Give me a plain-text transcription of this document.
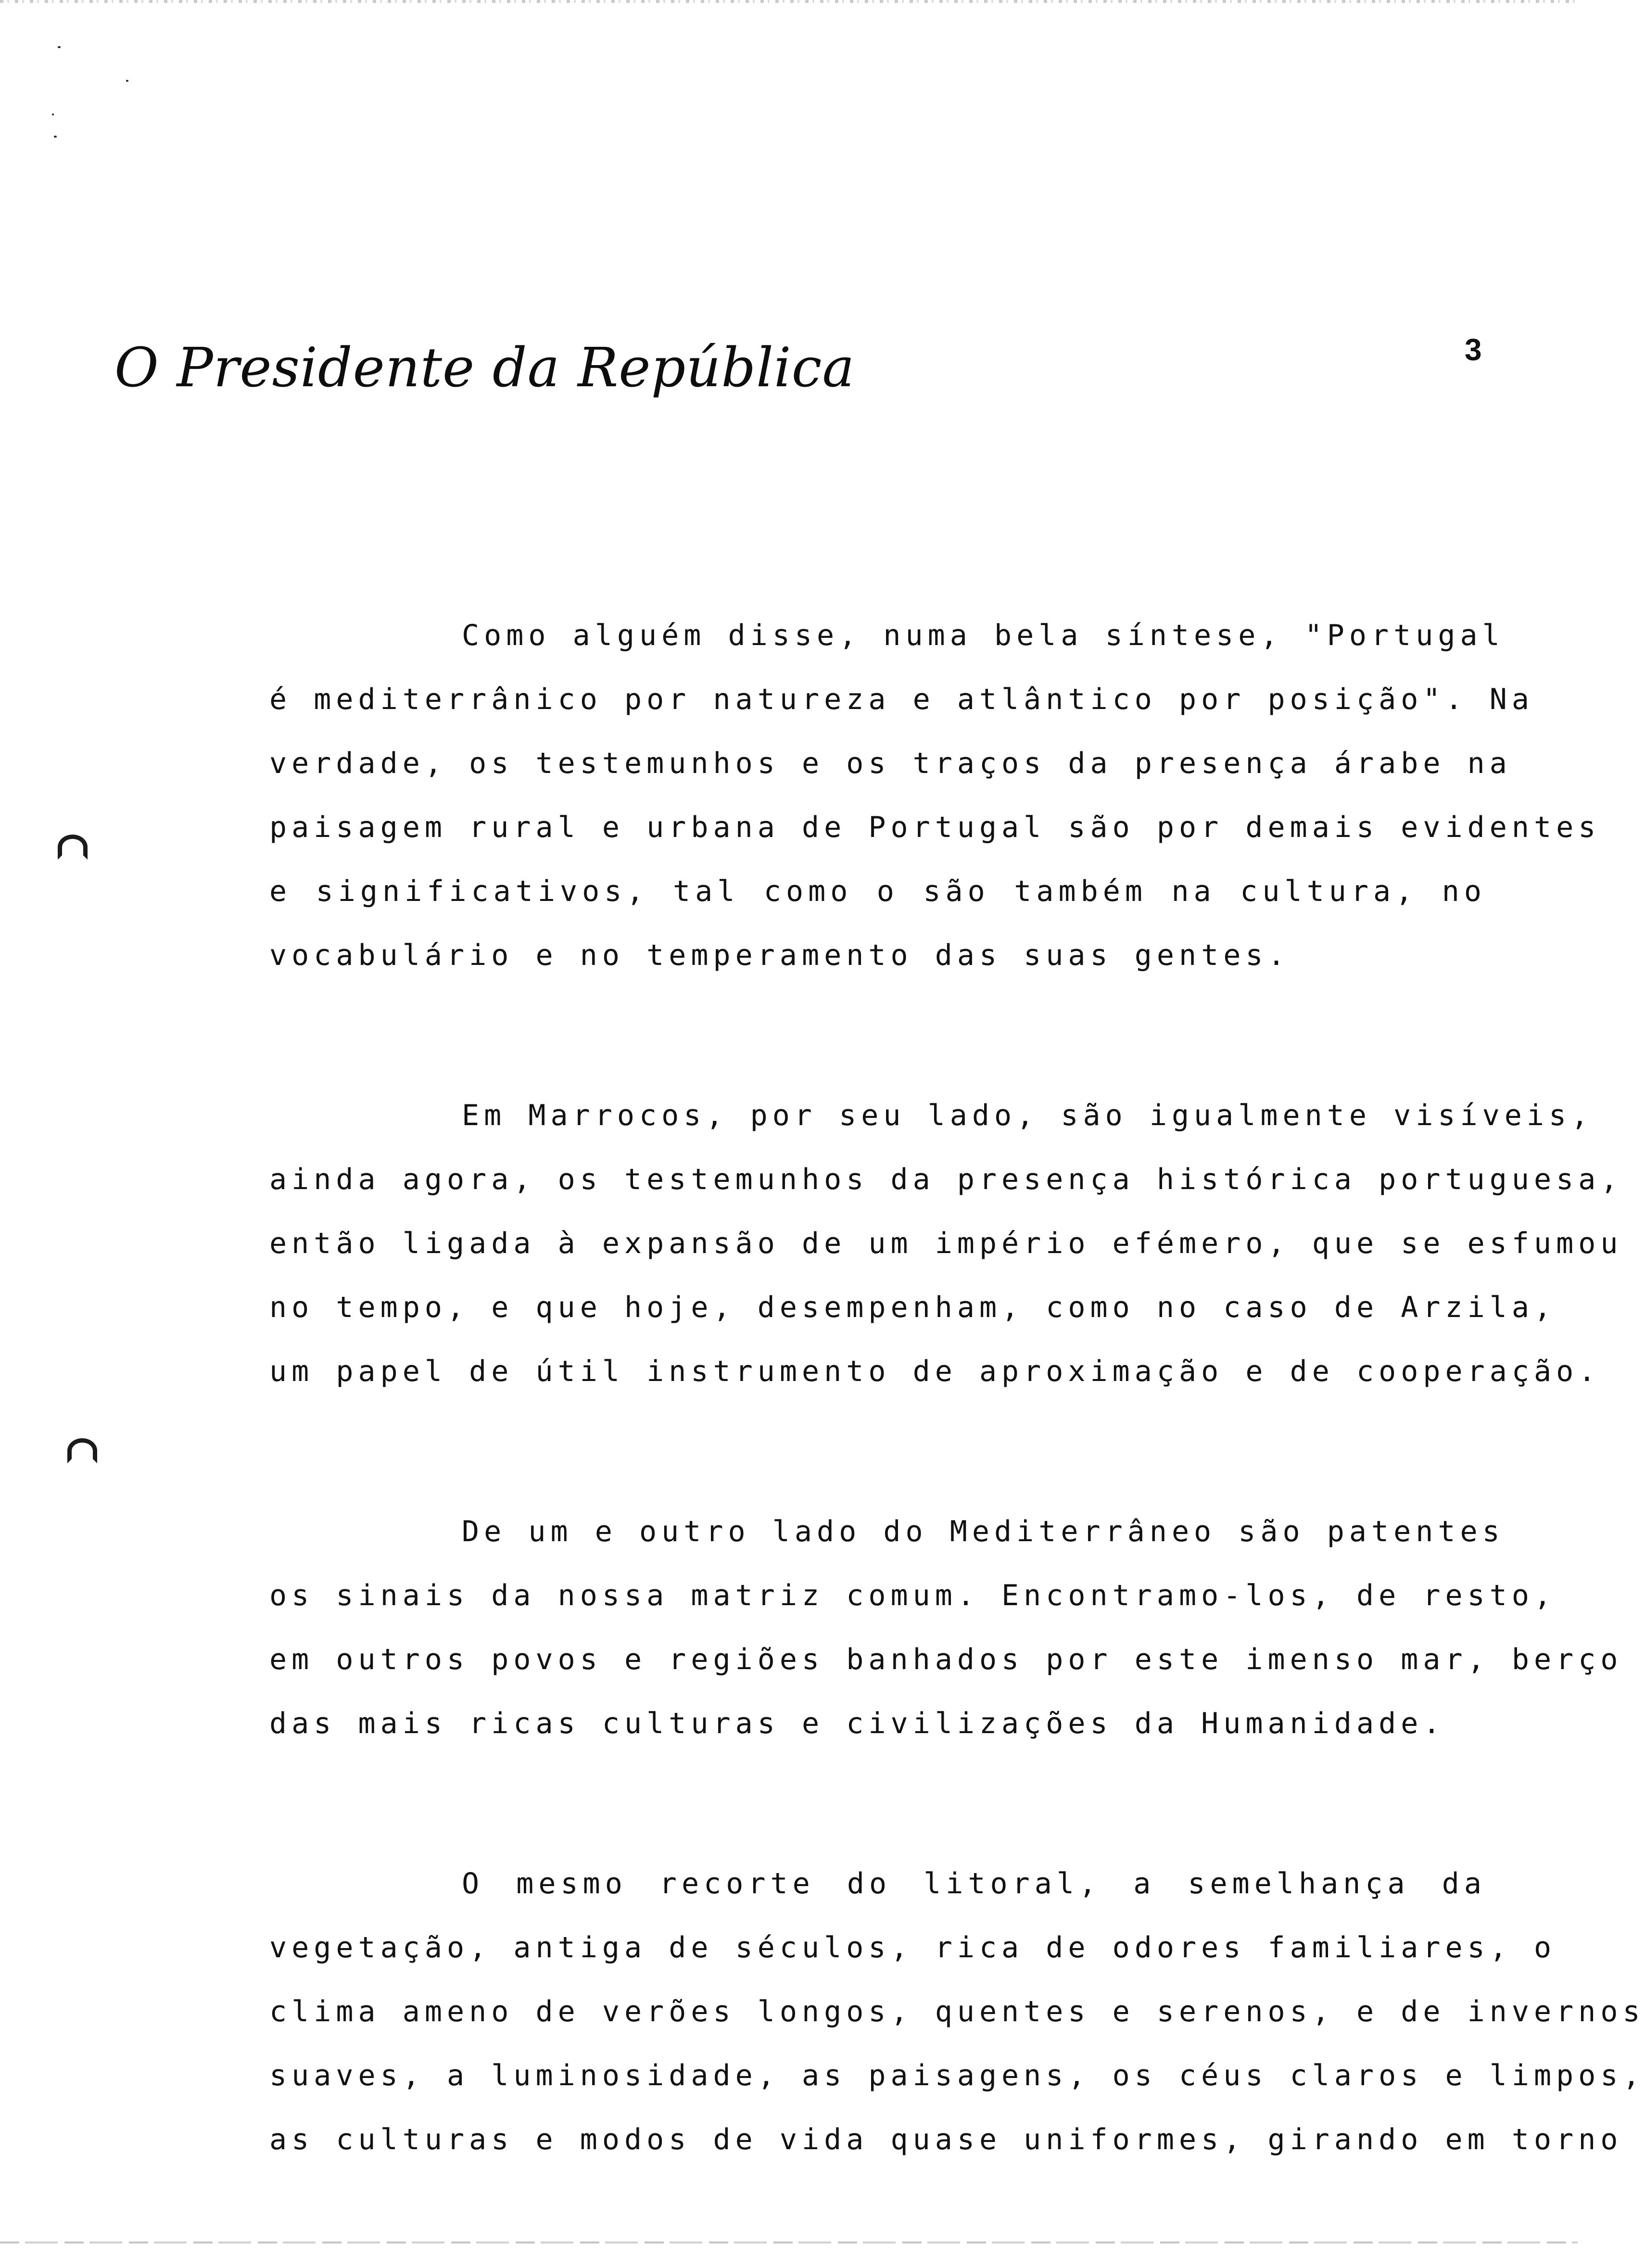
O Presidente da República	3
Como alguém disse, numa bela síntese, "Portugal
é mediterrânico por natureza e atlântico por posição". Na
verdade, os testemunhos e os traços da presença árabe na
paisagem rural e urbana de Portugal são por demais evidentes
e significativos, tal como o são também na cultura, no
vocabulário e no temperamento das suas gentes.
Em Marrocos, por seu lado, são igualmente visíveis,
ainda agora, os testemunhos da presença histórica portuguesa,
então ligada à expansão de um império efémero, que se esfumou
no tempo, e que hoje, desempenham, como no caso de Arzila,
um papel de útil instrumento de aproximação e de cooperação.
De um e outro lado do Mediterrâneo são patentes
os sinais da nossa matriz comum. Encontramo-los, de resto,
em outros povos e regiões banhados por este imenso mar, berço
das mais ricas culturas e civilizações da Humanidade.
O mesmo recorte do litoral, a semelhança da
vegetação, antiga de séculos, rica de odores familiares, o
clima ameno de verões longos, quentes e serenos, e de invernos
suaves, a luminosidade, as paisagens, os céus claros e limpos,
as culturas e modos de vida quase uniformes, girando em torno
